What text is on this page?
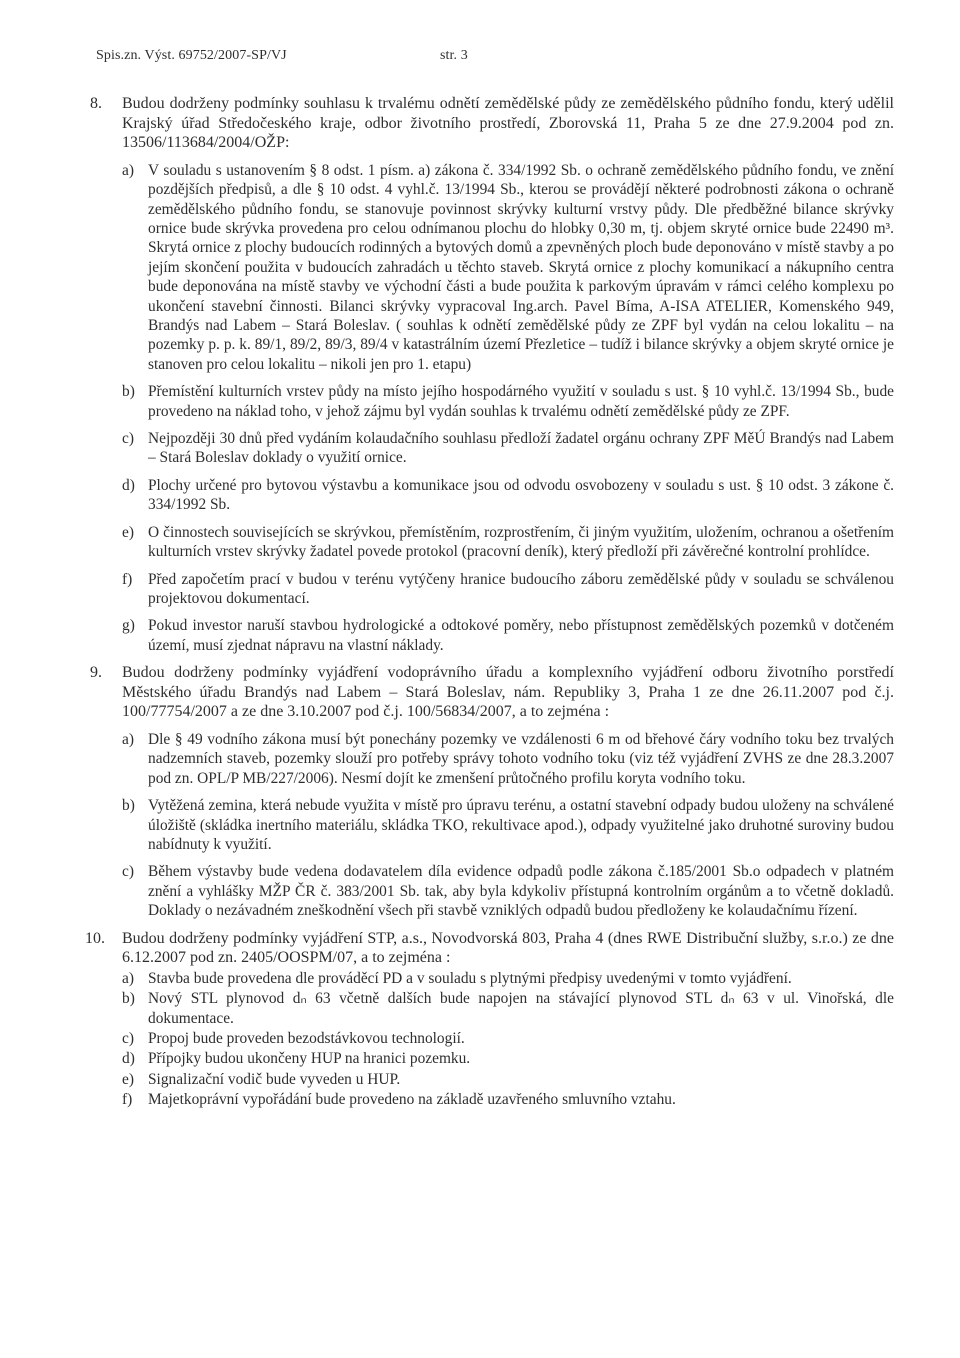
Spis.zn. Výst. 69752/2007-SP/VJ	str. 3
8. Budou dodrženy podmínky souhlasu k trvalému odnětí zemědělské půdy ze zemědělského půdního fondu, který udělil Krajský úřad Středočeského kraje, odbor životního prostředí, Zborovská 11, Praha 5 ze dne 27.9.2004 pod zn. 13506/113684/2004/OŽP:
a) V souladu s ustanovením § 8 odst. 1 písm. a) zákona č. 334/1992 Sb. o ochraně zemědělského půdního fondu, ve znění pozdějších předpisů, a dle § 10 odst. 4 vyhl.č. 13/1994 Sb., kterou se provádějí některé podrobnosti zákona o ochraně zemědělského půdního fondu, se stanovuje povinnost skrývky kulturní vrstvy půdy. Dle předběžné bilance skrývky ornice bude skrývka provedena pro celou odnímanou plochu do hlobky 0,30 m, tj. objem skryté ornice bude 22490 m³. Skrytá ornice z plochy budoucích rodinných a bytových domů a zpevněných ploch bude deponováno v místě stavby a po jejím skončení použita v budoucích zahradách u těchto staveb. Skrytá ornice z plochy komunikací a nákupního centra bude deponována na místě stavby ve východní části a bude použita k parkovým úpravám v rámci celého komplexu po ukončení stavební činnosti. Bilanci skrývky vypracoval Ing.arch. Pavel Bíma, A-ISA ATELIER, Komenského 949, Brandýs nad Labem – Stará Boleslav. ( souhlas k odnětí zemědělské půdy ze ZPF byl vydán na celou lokalitu – na pozemky p. p. k. 89/1, 89/2, 89/3, 89/4 v katastrálním území Přezletice – tudíž i bilance skrývky a objem skryté ornice je stanoven pro celou lokalitu – nikoli jen pro 1. etapu)
b) Přemístění kulturních vrstev půdy na místo jejího hospodárného využití v souladu s ust. § 10 vyhl.č. 13/1994 Sb., bude provedeno na náklad toho, v jehož zájmu byl vydán souhlas k trvalému odnětí zemědělské půdy ze ZPF.
c) Nejpozději 30 dnů před vydáním kolaudačního souhlasu předloží žadatel orgánu ochrany ZPF MěÚ Brandýs nad Labem – Stará Boleslav doklady o využití ornice.
d) Plochy určené pro bytovou výstavbu a komunikace jsou od odvodu osvobozeny v souladu s ust. § 10 odst. 3 zákone č. 334/1992 Sb.
e) O činnostech souvisejících se skrývkou, přemístěním, rozprostřením, či jiným využitím, uložením, ochranou a ošetřením kulturních vrstev skrývky žadatel povede protokol (pracovní deník), který předloží při závěrečné kontrolní prohlídce.
f) Před započetím prací v budou v terénu vytýčeny hranice budoucího záboru zemědělské půdy v souladu se schválenou projektovou dokumentací.
g) Pokud investor naruší stavbou hydrologické a odtokové poměry, nebo přístupnost zemědělských pozemků v dotčeném území, musí zjednat nápravu na vlastní náklady.
9. Budou dodrženy podmínky vyjádření vodoprávního úřadu a komplexního vyjádření odboru životního porstředí Městského úřadu Brandýs nad Labem – Stará Boleslav, nám. Republiky 3, Praha 1 ze dne 26.11.2007 pod č.j. 100/77754/2007 a ze dne 3.10.2007 pod č.j. 100/56834/2007, a to zejména :
a) Dle § 49 vodního zákona musí být ponechány pozemky ve vzdálenosti 6 m od břehové čáry vodního toku bez trvalých nadzemních staveb, pozemky slouží pro potřeby správy tohoto vodního toku (viz též vyjádření ZVHS ze dne 28.3.2007 pod zn. OPL/P MB/227/2006). Nesmí dojít ke zmenšení průtočného profilu koryta vodního toku.
b) Vytěžená zemina, která nebude využita v místě pro úpravu terénu, a ostatní stavební odpady budou uloženy na schválené úložiště (skládka inertního materiálu, skládka TKO, rekultivace apod.), odpady využitelné jako druhotné suroviny budou nabídnuty k využití.
c) Během výstavby bude vedena dodavatelem díla evidence odpadů podle zákona č.185/2001 Sb.o odpadech v platném znění a vyhlášky MŽP ČR č. 383/2001 Sb. tak, aby byla kdykoliv přístupná kontrolním orgánům a to včetně dokladů. Doklady o nezávadném zneškodnění všech při stavbě vzniklých odpadů budou předloženy ke kolaudačnímu řízení.
10. Budou dodrženy podmínky vyjádření STP, a.s., Novodvorská 803, Praha 4 (dnes RWE Distribuční služby, s.r.o.) ze dne 6.12.2007 pod zn. 2405/OOSPM/07, a to zejména :
a) Stavba bude provedena dle prováděcí PD a v souladu s plytnými předpisy uvedenými v tomto vyjádření.
b) Nový STL plynovod dₙ 63 včetně dalších bude napojen na stávající plynovod STL dₙ 63 v ul. Vinořská, dle dokumentace.
c) Propoj bude proveden bezodstávkovou technologií.
d) Přípojky budou ukončeny HUP na hranici pozemku.
e) Signalizační vodič bude vyveden u HUP.
f) Majetkoprávní vypořádání bude provedeno na základě uzavřeného smluvního vztahu.
